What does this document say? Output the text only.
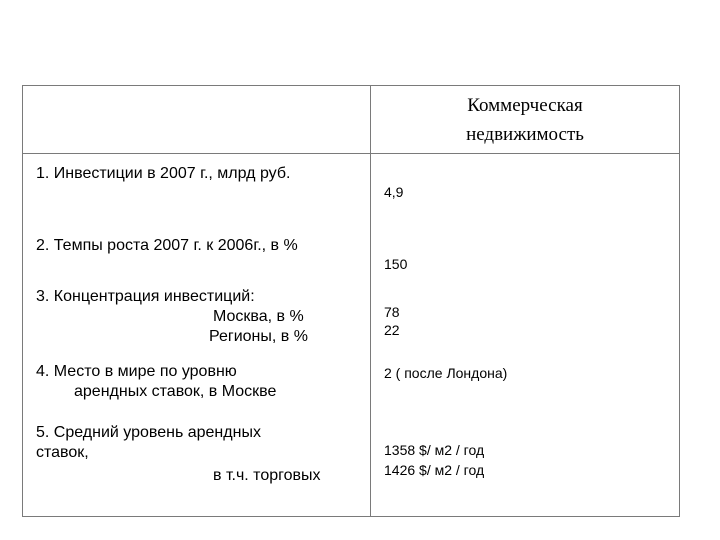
Коммерческая
недвижимость
1. Инвестиции в 2007 г., млрд руб.
4,9
2. Темпы роста 2007 г. к 2006г., в %
150
3. Концентрация инвестиций:
Москва, в %
Регионы, в %
78
22
4. Место в мире по уровню
арендных ставок, в Москве
2 ( после Лондона)
5. Средний уровень арендных
ставок,
в т.ч. торговых
1358 $/ м2 / год
1426 $/ м2 / год
